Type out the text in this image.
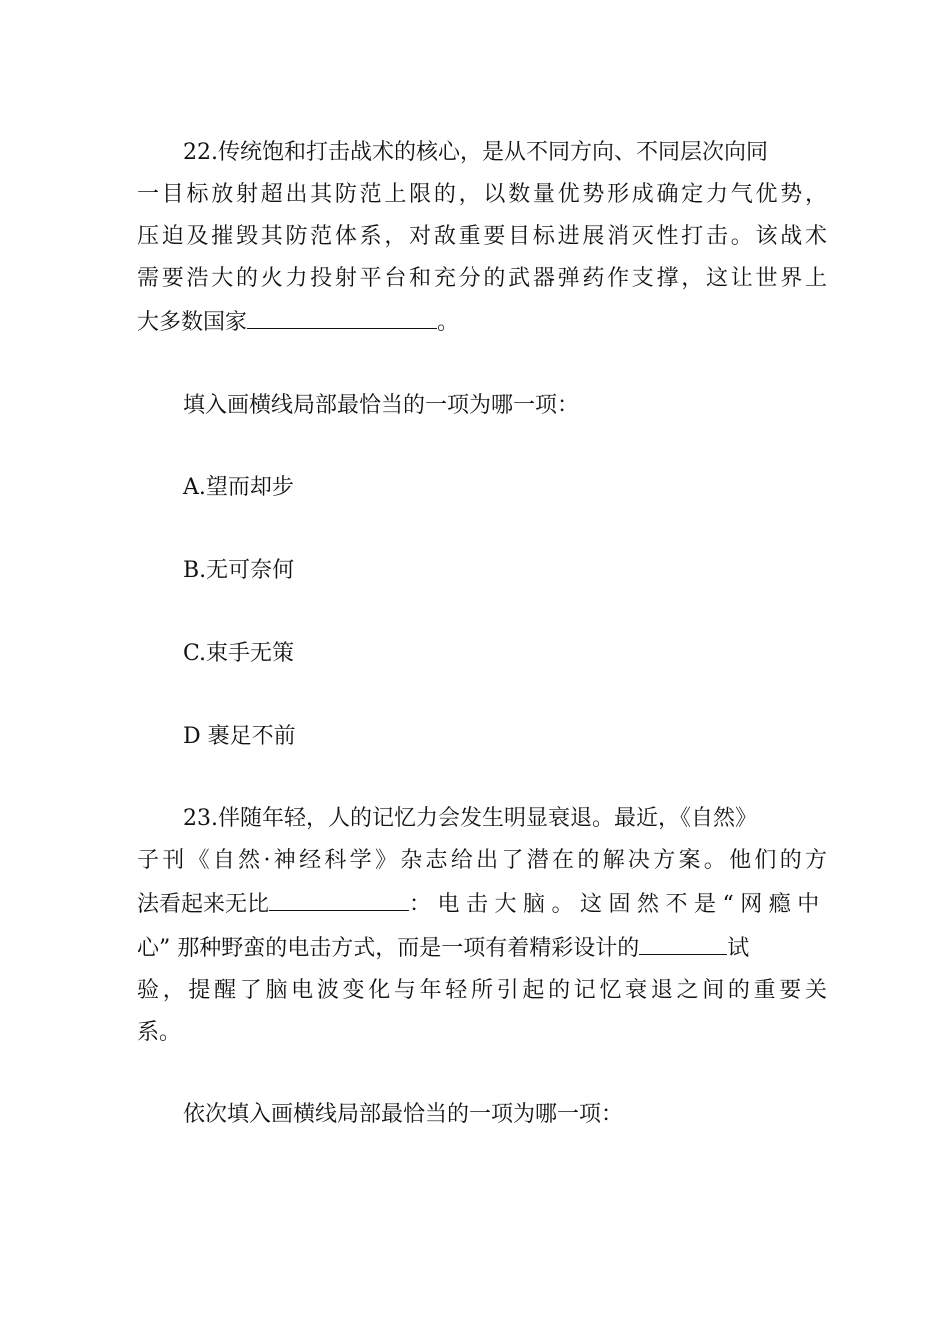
22.传统饱和打击战术的核心，是从不同方向、不同层次向同
一目标放射超出其防范上限的，以数量优势形成确定力气优势，
压迫及摧毁其防范体系，对敌重要目标进展消灭性打击。该战术
需要浩大的火力投射平台和充分的武器弹药作支撑，这让世界上
大多数国家	。
填入画横线局部最恰当的一项为哪一项：
A.望而却步
B.无可奈何
C.束手无策
D 裹足不前
23.伴随年轻，人的记忆力会发生明显衰退。最近，《自然》
子刊《自然·神经科学》杂志给出了潜在的解决方案。他们的方
法看起来无比	：电击大脑。这固然不是“网瘾中
心” 那种野蛮的电击方式，而是一项有着精彩设计的	试
验，提醒了脑电波变化与年轻所引起的记忆衰退之间的重要关
系。
依次填入画横线局部最恰当的一项为哪一项：
